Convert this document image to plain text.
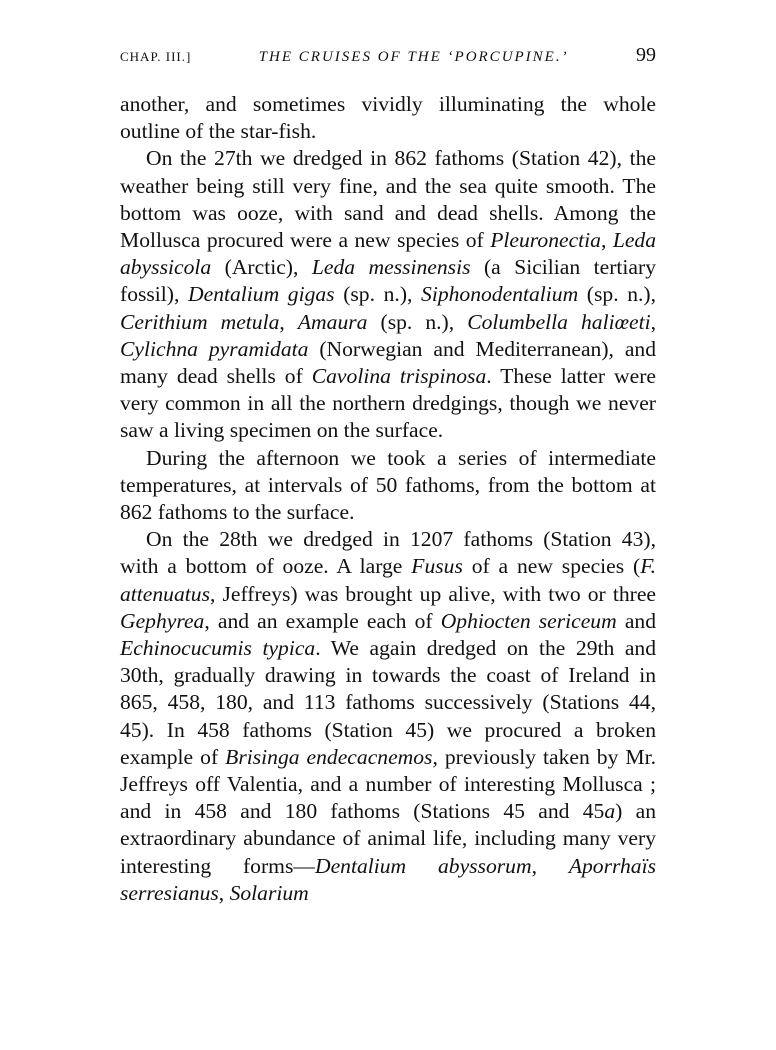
CHAP. III.]	THE CRUISES OF THE ‘PORCUPINE.’	99

another, and sometimes vividly illuminating the whole outline of the star-fish.

On the 27th we dredged in 862 fathoms (Station 42), the weather being still very fine, and the sea quite smooth. The bottom was ooze, with sand and dead shells. Among the Mollusca procured were a new species of Pleuronectia, Leda abyssicola (Arctic), Leda messinensis (a Sicilian tertiary fossil), Dentalium gigas (sp. n.), Siphonodentalium (sp. n.), Cerithium metula, Amaura (sp. n.), Columbella haliœeti, Cylichna pyramidata (Norwegian and Mediterranean), and many dead shells of Cavolina trispinosa. These latter were very common in all the northern dredgings, though we never saw a living specimen on the surface.

During the afternoon we took a series of intermediate temperatures, at intervals of 50 fathoms, from the bottom at 862 fathoms to the surface.

On the 28th we dredged in 1207 fathoms (Station 43), with a bottom of ooze. A large Fusus of a new species (F. attenuatus, Jeffreys) was brought up alive, with two or three Gephyrea, and an example each of Ophiocten sericeum and Echinocucumis typica. We again dredged on the 29th and 30th, gradually drawing in towards the coast of Ireland in 865, 458, 180, and 113 fathoms successively (Stations 44, 45). In 458 fathoms (Station 45) we procured a broken example of Brisinga endecacnemos, previously taken by Mr. Jeffreys off Valentia, and a number of interesting Mollusca ; and in 458 and 180 fathoms (Stations 45 and 45a) an extraordinary abundance of animal life, including many very interesting forms—Dentalium abyssorum, Aporrhaïs serresianus, Solarium
